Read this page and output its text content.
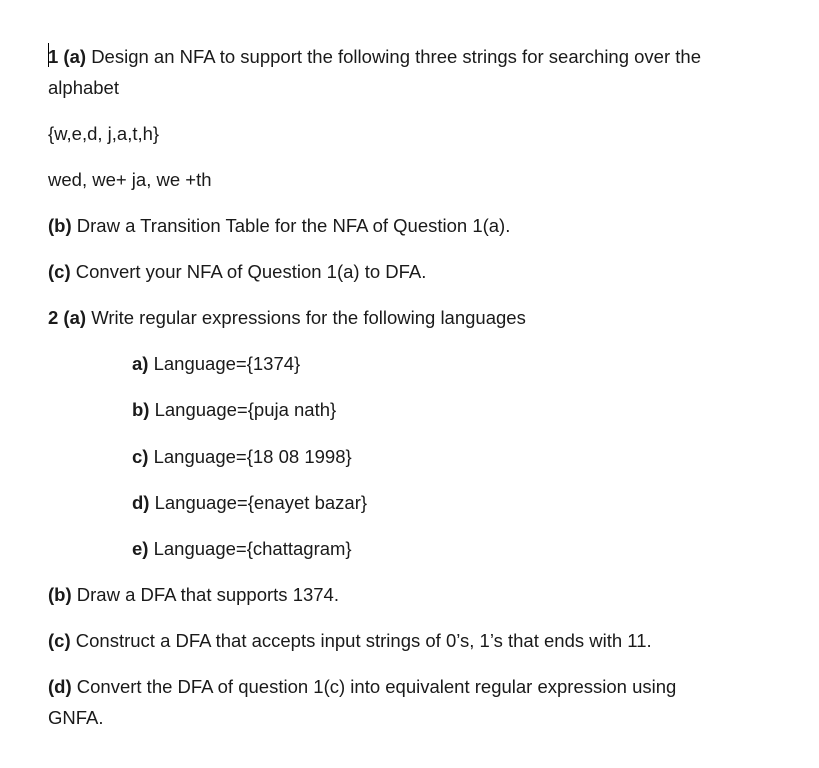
1 (a) Design an NFA to support the following three strings for searching over the
alphabet
{w,e,d, j,a,t,h}
wed, we+ ja, we +th
(b) Draw a Transition Table for the NFA of Question 1(a).
(c) Convert your NFA of Question 1(a) to DFA.
2 (a) Write regular expressions for the following languages
a) Language={1374}
b) Language={puja nath}
c) Language={18 08 1998}
d) Language={enayet bazar}
e) Language={chattagram}
(b) Draw a DFA that supports 1374.
(c) Construct a DFA that accepts input strings of 0’s, 1’s that ends with 11.
(d) Convert the DFA of question 1(c) into equivalent regular expression using
GNFA.
